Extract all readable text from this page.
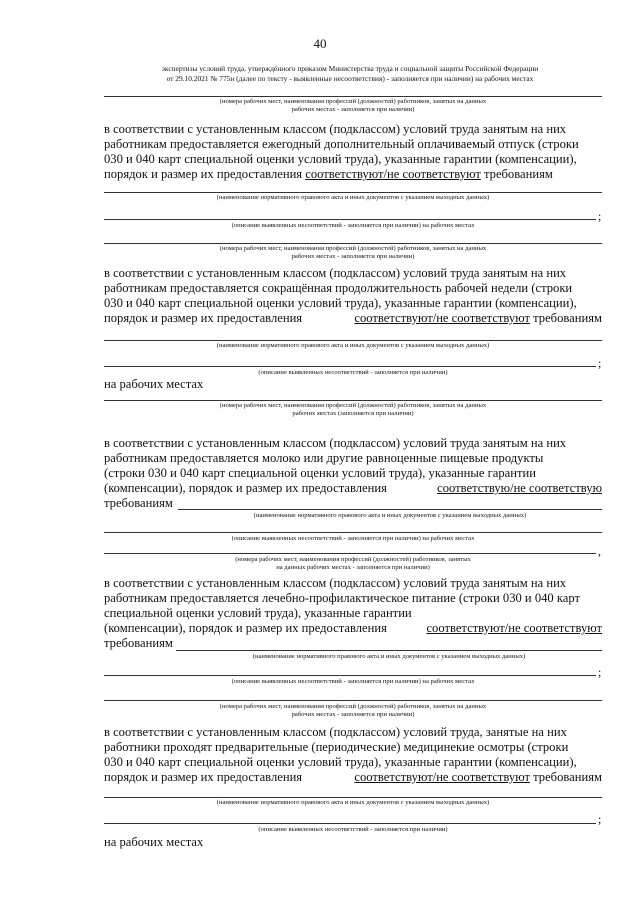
40
экспертизы условий труда, утверждённого приказом Министерства труда и социальной защиты Российской Федерации
от 29.10.2021 № 775н (далее по тексту - выявленные несоответствия) - заполняется при наличии) на рабочих местах
(номера рабочих мест, наименования профессий (должностей) работников, занятых на данных
рабочих местах - заполняется при наличии)
в соответствии с установленным классом (подклассом) условий труда занятым на них
работникам предоставляется ежегодный дополнительный оплачиваемый отпуск (строки
030 и 040 карт специальной оценки условий труда), указанные гарантии (компенсации),
порядок и размер их предоставления соответствуют/не соответствуют требованиям
(наименование нормативного правового акта и иных документов с указанием выходных данных)
;
(описание выявленных несоответствий - заполняется при наличии) на рабочих местах
(номера рабочих мест, наименования профессий (должностей) работников, занятых на данных
рабочих местах - заполняется при наличии)
в соответствии с установленным классом (подклассом) условий труда занятым на них
работникам предоставляется сокращённая продолжительность рабочей недели (строки
030 и 040 карт специальной оценки условий труда), указанные гарантии (компенсации),
порядок и размер их предоставления	соответствуют/не соответствуют требованиям
(наименование нормативного правового акта и иных документов с указанием выходных данных)
;
(описание выявленных несоответствий - заполняется при наличии)
на рабочих местах
(номера рабочих мест, наименования профессий (должностей) работников, занятых на данных
рабочих местах (заполняется при наличии)
в соответствии с установленным классом (подклассом) условий труда занятым на них
работникам предоставляется молоко или другие равноценные пищевые продукты
(строки 030 и 040 карт специальной оценки условий труда), указанные гарантии
(компенсации), порядок и размер их предоставления	соответствую/не соответствую
требованиям
(наименование нормативного правового акта и иных документов с указанием выходных данных)
(описание выявленных несоответствий - заполняется при наличии) на рабочих местах
,
(номера рабочих мест, наименования профессий (должностей) работников, занятых
на данных рабочих местах - заполняется при наличии)
в соответствии с установленным классом (подклассом) условий труда занятым на них
работникам предоставляется лечебно-профилактическое питание (строки 030 и 040 карт
специальной оценки условий труда), указанные гарантии
(компенсации), порядок и размер их предоставления	соответствуют/не соответствуют
требованиям
(наименование нормативного правового акта и иных документов с указанием выходных данных)
;
(описание выявленных несоответствий - заполняется при наличии) на рабочих местах
(номера рабочих мест, наименования профессий (должностей) работников, занятых на данных
рабочих местах - заполняется при наличии)
в соответствии с установленным классом (подклассом) условий труда, занятые на них
работники проходят предварительные (периодические) медицинекие осмотры (строки
030 и 040 карт специальной оценки условий труда), указанные гарантии (компенсации),
порядок и размер их предоставления	соответствуют/не соответствуют требованиям
(наименование нормативного правового акта и иных документов с указанием выходных данных)
;
(описание выявленных несоответствий - заполняется при наличии)
на рабочих местах
